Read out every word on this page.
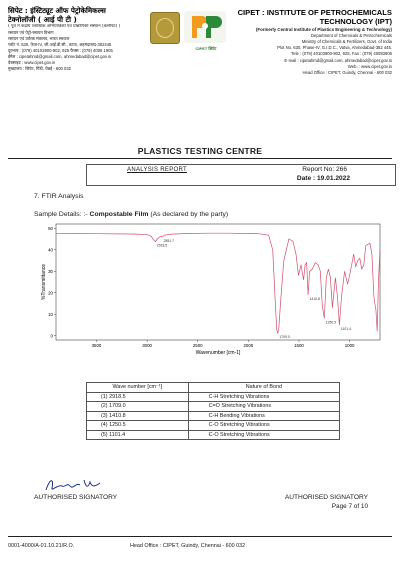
सिपेट : इंस्टिट्यूट ऑफ पेट्रोकेमिकल्स
टेक्नोलॉजी ( आई पी टी )
( पूर्व में केंद्रीय प्लास्टिक अभियांत्रिकी एवं प्रौद्योगिकी संस्थान (केसीपेट) )
रसायन एवं पेट्रो-रसायन विभाग
रसायन एवं उर्वरक मंत्रालय, भारत सरकार
प्लॉट नं. 630, फेज़-IV, जी.आई.डी.सी., वटवा, अहमदाबाद-382445
दूरभाष : (079) 40103900-902, 925 फैक्स : (079) 4008 1905
ईमेल : cipetahmd@gmail.com, ahmedabad@cipet.gov.in
वेबसाइट : www.cipet.gov.in
मुख्यालय : सिपेट, गिंडी, चेन्नई - 600 032
CIPET सिपेट
CIPET : INSTITUTE OF PETROCHEMICALS
TECHNOLOGY (IPT)
(Formerly Central Institute of Plastics Engineering & Technology)
Department of Chemicals & Petrochemicals
Ministry of Chemicals & Fertilizers, Govt. of India
Plot No. 630, Phase-IV, G.I.D.C., Vatva, Ahmedabad-382 445.
Tele : (079) 40103900-902, 925, Fax : (079) 40083905
E-mail : cipetahmd@gmail.com, ahmedabad@cipet.gov.in
Web. : www.cipet.gov.in
Head Office : CIPET, Guindy, Chennai - 600 032
PLASTICS TESTING CENTRE
ANALYSIS REPORT	Report No: 266
Date : 19.01.2022
7. FTIR Analysis
Sample Details: :- Compostable Film (As declared by the party)
50
40
30
20
10
0
3500	3000	2500	2000	1500	1000
2918.5
2851.7
1709.0
1410.8
1250.5
1101.4
Wavenumber [cm-1]
%Transmittance
Wave number [cm⁻¹]	Nature of Bond
(1) 2918.5	C-H Stretching Vibrations
(2) 1709.0	C=O Stretching Vibrations
(3) 1410.8	C-H Bending Vibrations
(4) 1250.5	C-O Stretching Vibrations
(5) 1101.4	C-O Stretching Vibrations
AUTHORISED SIGNATORY	AUTHORISED SIGNATORY
Page 7 of 10
0001-4000/A-01.10.21/R.O.	Head Office : CIPET, Guindy, Chennai - 600 032
